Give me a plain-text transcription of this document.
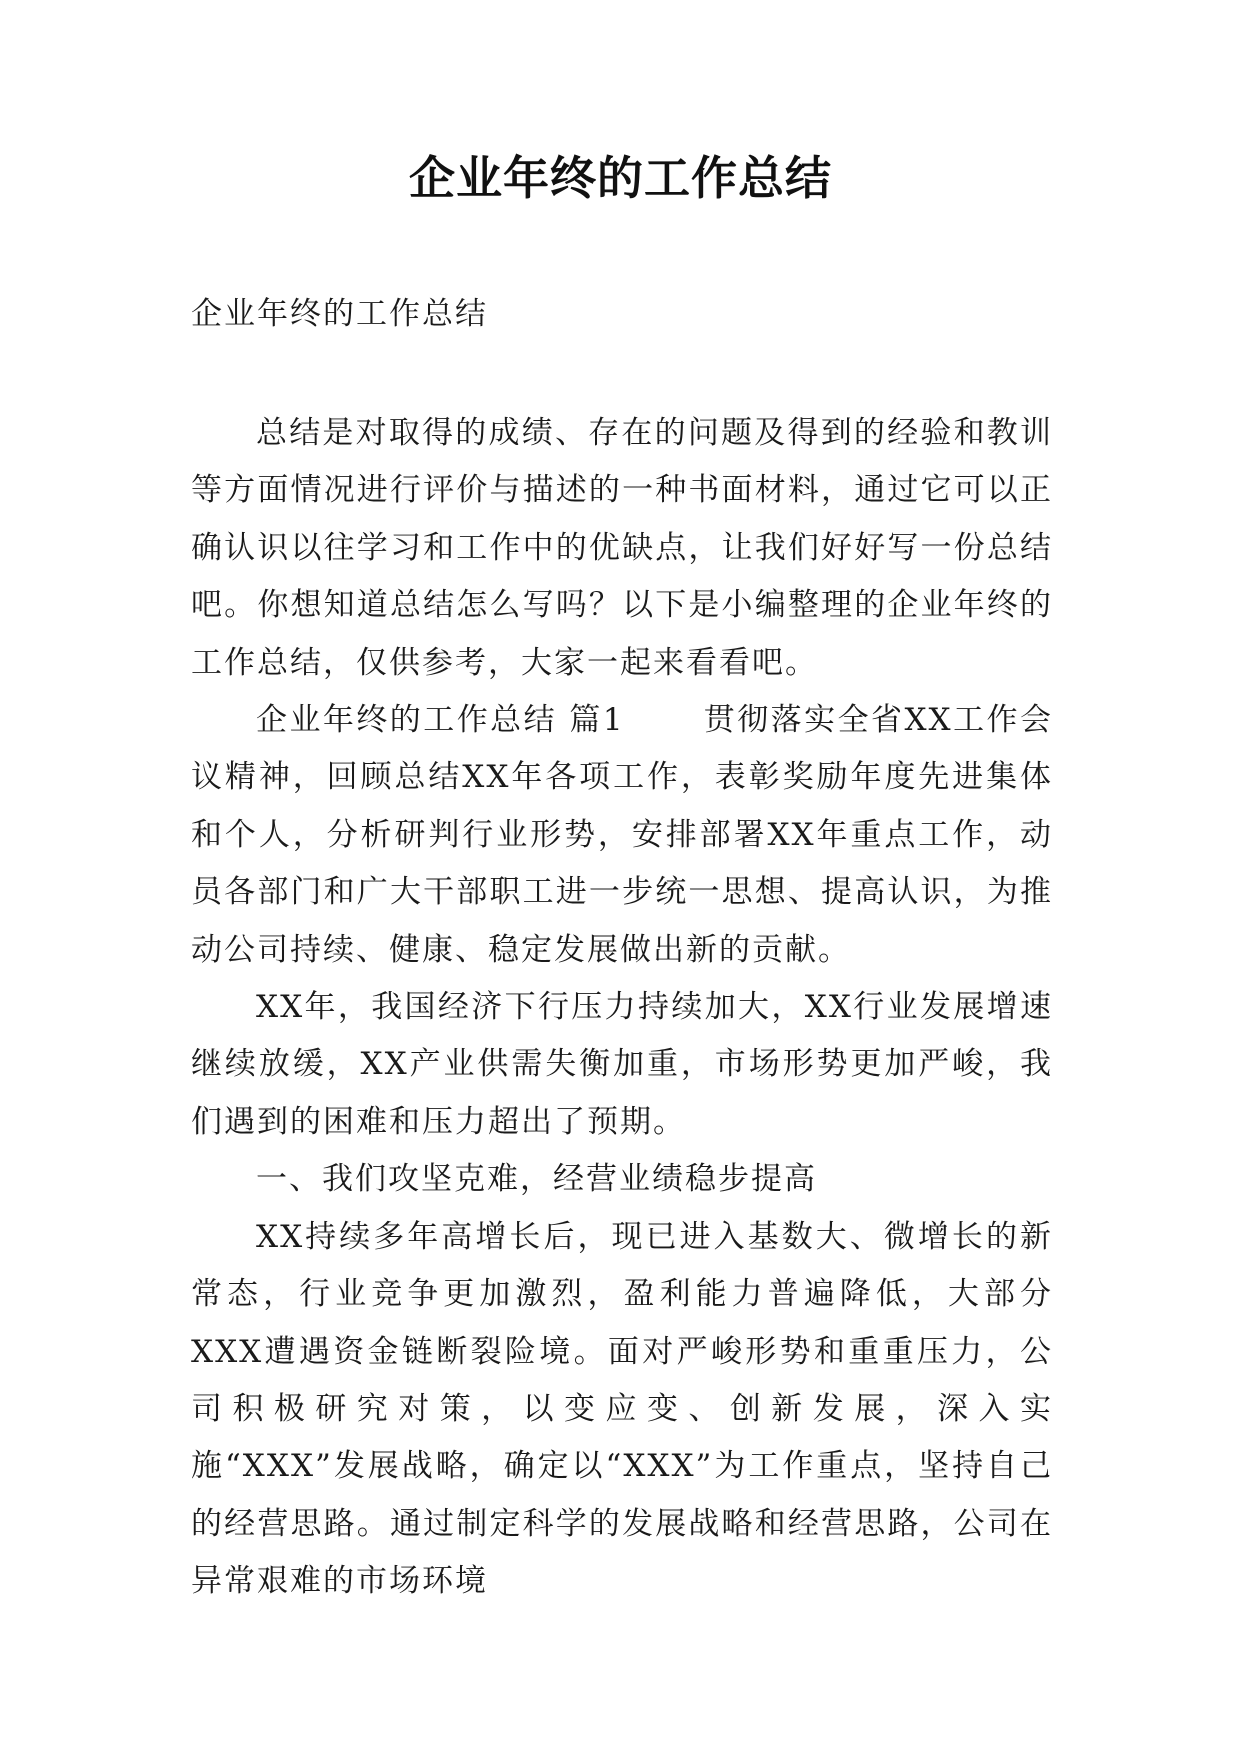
企业年终的工作总结
企业年终的工作总结

总结是对取得的成绩、存在的问题及得到的经验和教训等方面情况进行评价与描述的一种书面材料，通过它可以正确认识以往学习和工作中的优缺点，让我们好好写一份总结吧。你想知道总结怎么写吗？以下是小编整理的企业年终的工作总结，仅供参考，大家一起来看看吧。

企业年终的工作总结 篇1 　　贯彻落实全省XX工作会议精神，回顾总结XX年各项工作，表彰奖励年度先进集体和个人，分析研判行业形势，安排部署XX年重点工作，动员各部门和广大干部职工进一步统一思想、提高认识，为推动公司持续、健康、稳定发展做出新的贡献。

XX年，我国经济下行压力持续加大，XX行业发展增速继续放缓，XX产业供需失衡加重，市场形势更加严峻，我们遇到的困难和压力超出了预期。

一、我们攻坚克难，经营业绩稳步提高

XX持续多年高增长后，现已进入基数大、微增长的新常态，行业竞争更加激烈，盈利能力普遍降低，大部分XXX遭遇资金链断裂险境。面对严峻形势和重重压力，公司积极研究对策，以变应变、创新发展，深入实施“XXX”发展战略，确定以“XXX”为工作重点，坚持自己的经营思路。通过制定科学的发展战略和经营思路，公司在异常艰难的市场环境
